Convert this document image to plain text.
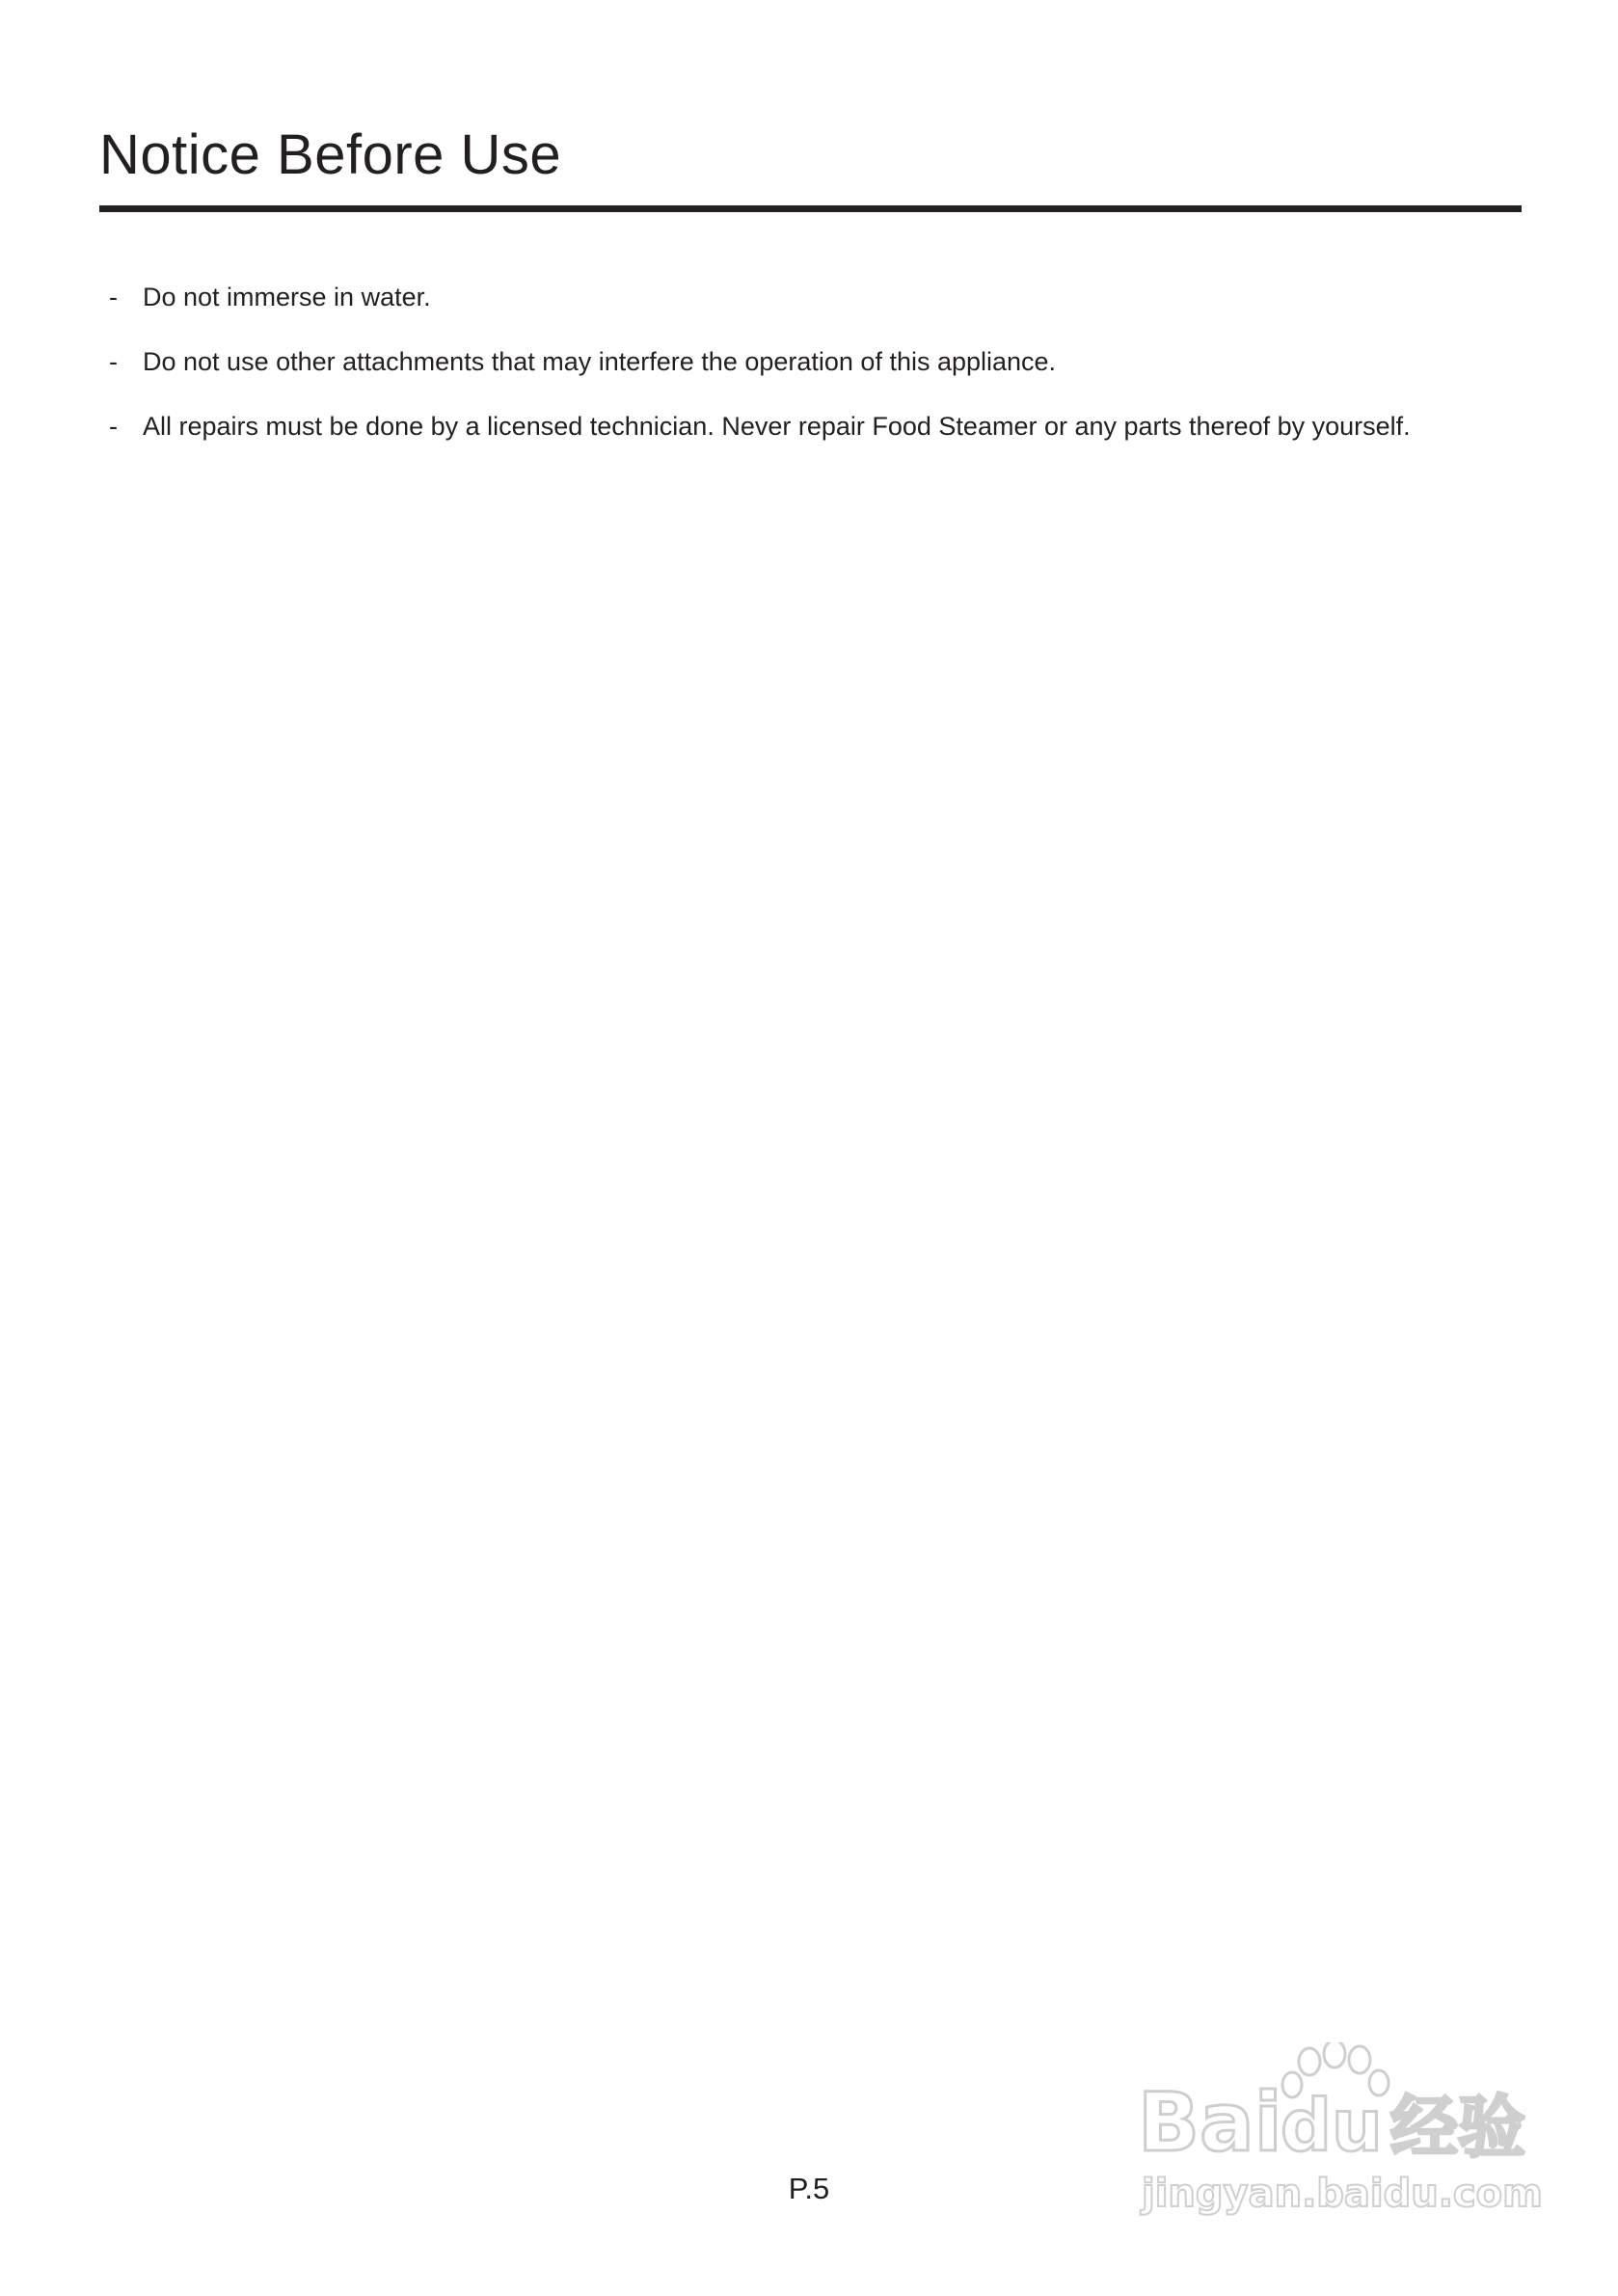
Notice Before Use
- Do not immerse in water.
- Do not use other attachments that may interfere the operation of this appliance.
- All repairs must be done by a licensed technician. Never repair Food Steamer or any parts thereof by yourself.
P.5
Bai
du 经验
jingyan.baidu.com
